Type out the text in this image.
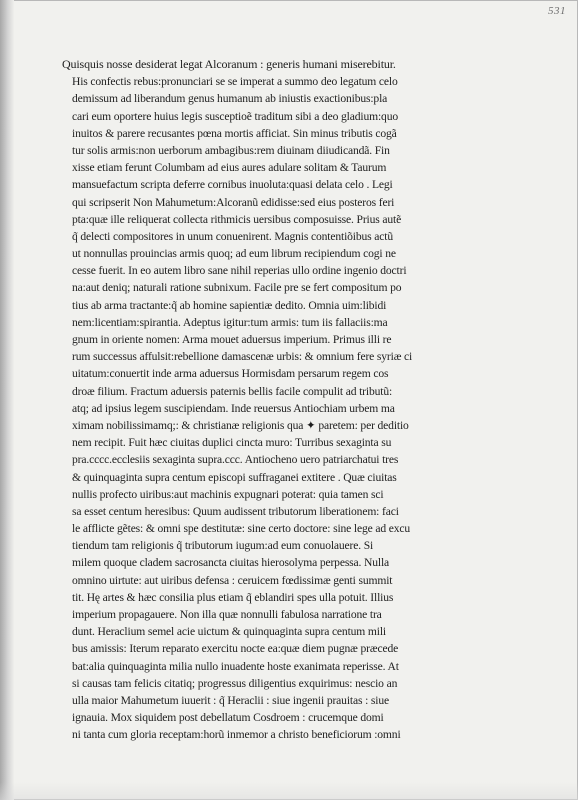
531
Quisquis nosse desiderat legat Alcoranum : generis humani miserebitur.
His confectis rebus:pronunciari se se imperat a summo deo legatum celo
demissum ad liberandum genus humanum ab iniustis exactionibus:pla
cari eum oportere huius legis susceptioẽ traditum sibi a deo gladium:quo
inuitos & parere recusantes pœna mortis afficiat. Sin minus tributis cogã
tur solis armis:non uerborum ambagibus:rem diuinam diiudicandã. Fin
xisse etiam ferunt Columbam ad eius aures adulare solitam & Taurum
mansuefactum scripta deferre cornibus inuoluta:quasi delata celo . Legi
qui scripserit Non Mahumetum:Alcoranũ edidisse:sed eius posteros feri
pta:quæ ille reliquerat collecta rithmicis uersibus composuisse. Prius autẽ
q̃ delecti compositores in unum conuenirent. Magnis contentiõibus actũ
ut nonnullas prouincias armis quoq; ad eum librum recipiendum cogi ne
cesse fuerit. In eo autem libro sane nihil reperias ullo ordine ingenio doctri
na:aut deniq; naturali ratione subnixum. Facile pre se fert compositum po
tius ab arma tractante:q̃ ab homine sapientiæ dedito. Omnia uim:libidi
nem:licentiam:spirantia. Adeptus igitur:tum armis: tum iis fallaciis:ma
gnum in oriente nomen: Arma mouet aduersus imperium. Primus illi re
rum successus affulsit:rebellione damascenæ urbis: & omnium fere syriæ ci
uitatum:conuertit inde arma aduersus Hormisdam persarum regem cos
droæ filium. Fractum aduersis paternis bellis facile compulit ad tributũ:
atq; ad ipsius legem suscipiendam. Inde reuersus Antiochiam urbem ma
ximam nobilissimamq;: & christianæ religionis qua ✦ paretem: per deditio
nem recipit. Fuit hæc ciuitas duplici cincta muro: Turribus sexaginta su
pra.cccc.ecclesiis sexaginta supra.ccc. Antiocheno uero patriarchatui tres
& quinquaginta supra centum episcopi suffraganei extitere . Quæ ciuitas
nullis profecto uiribus:aut machinis expugnari poterat: quia tamen sci
sa esset centum heresibus: Quum audissent tributorum liberationem: faci
le afflicte gẽtes: & omni spe destitutæ: sine certo doctore: sine lege ad excu
tiendum tam religionis q̃ tributorum iugum:ad eum conuolauere. Si
milem quoque cladem sacrosancta ciuitas hierosolyma perpessa. Nulla
omnino uirtute: aut uiribus defensa : ceruicem fœdissimæ genti summit
tit. Hę artes & hæc consilia plus etiam q̃ eblandiri spes ulla potuit. Illius
imperium propagauere. Non illa quæ nonnulli fabulosa narratione tra
dunt. Heraclium semel acie uictum & quinquaginta supra centum mili
bus amissis: Iterum reparato exercitu nocte ea:quæ diem pugnæ præcede
bat:alia quinquaginta milia nullo inuadente hoste exanimata reperisse. At
si causas tam felicis citatiq; progressus diligentius exquirimus: nescio an
ulla maior Mahumetum iuuerit : q̃ Heraclii : siue ingenii prauitas : siue
ignauia. Mox siquidem post debellatum Cosdroem : crucemque domi
ni tanta cum gloria receptam:horũ inmemor a christo beneficiorum :omni
